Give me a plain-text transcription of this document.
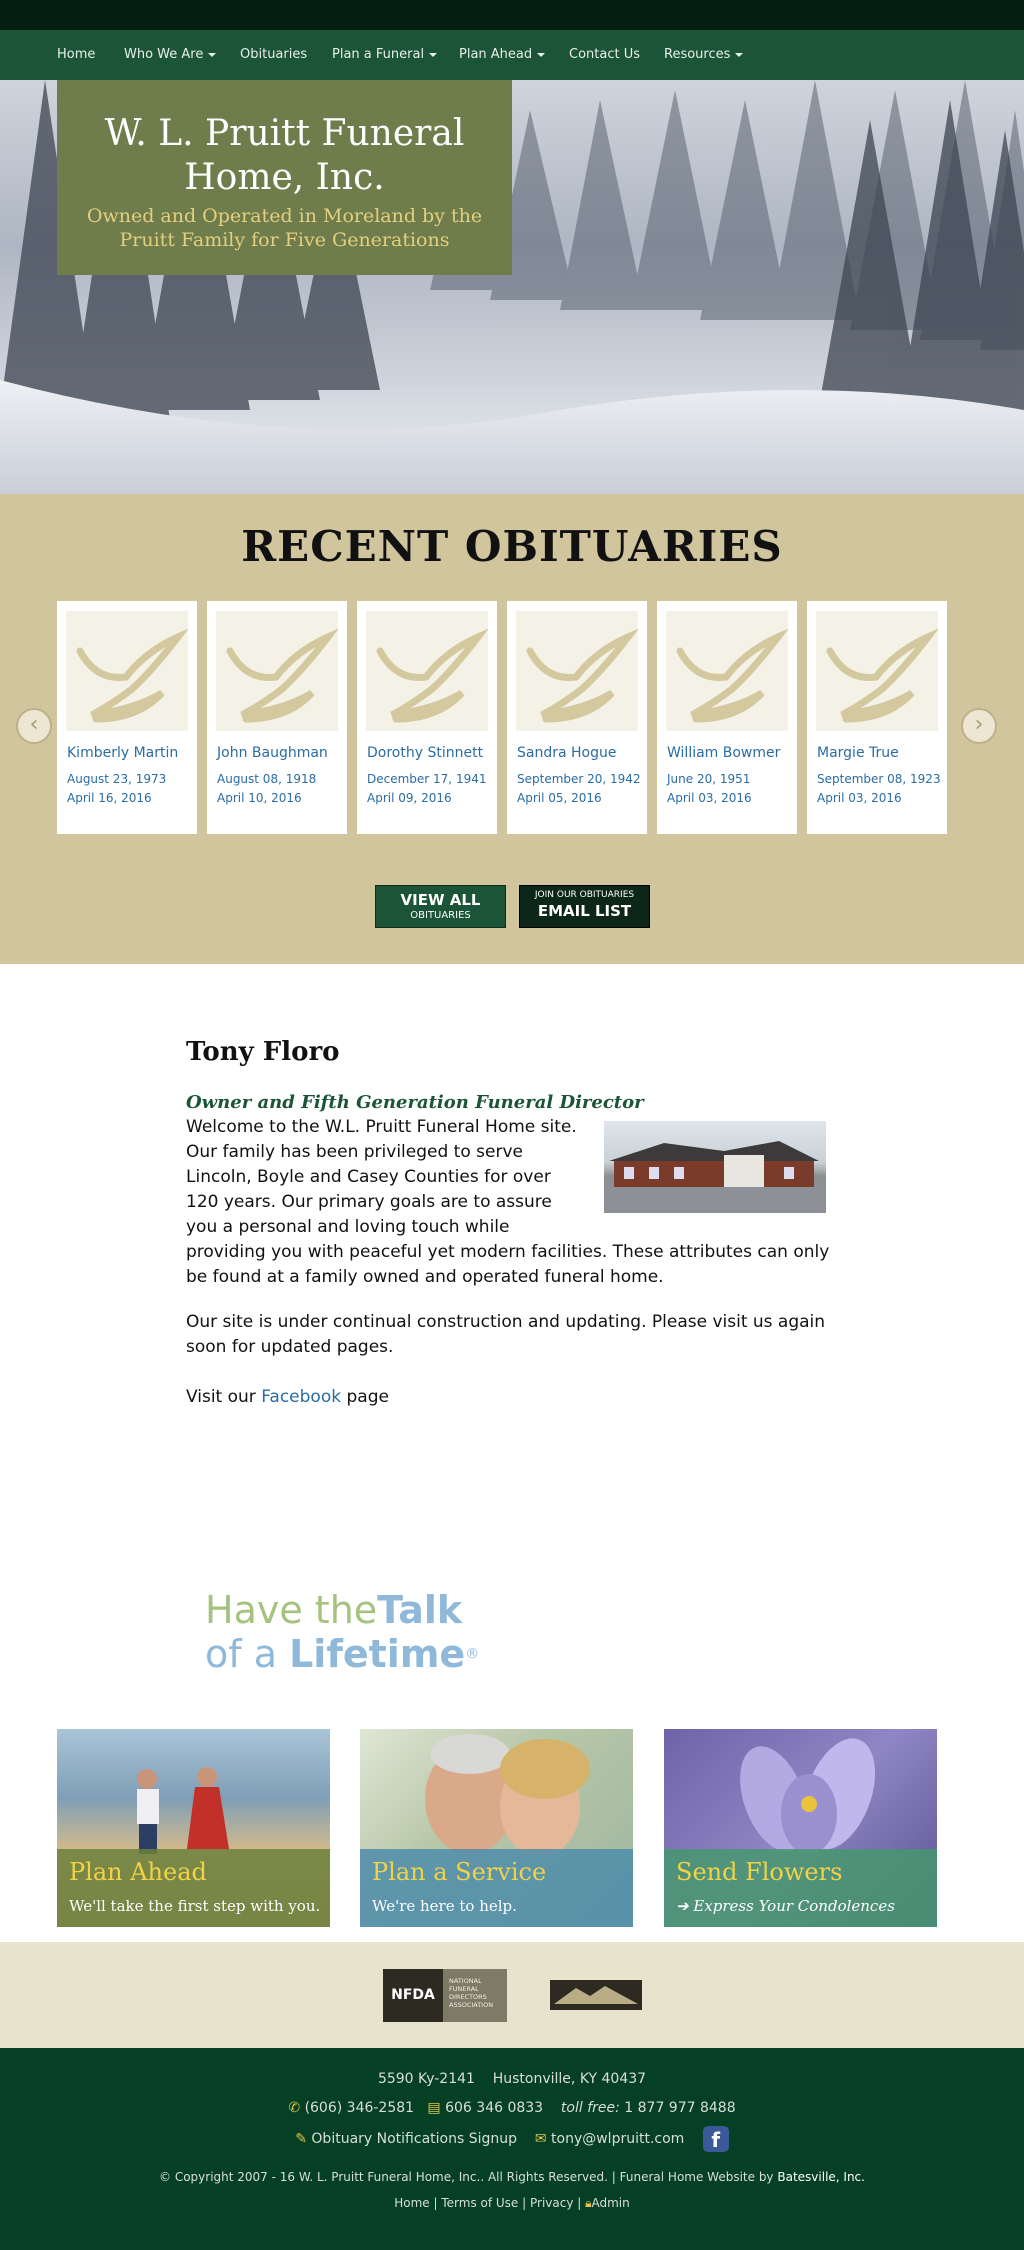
Home Who We Are	Obituaries Plan a Funeral	Plan Ahead	Contact Us Resources
W. L. Pruitt Funeral Home, Inc.
Owned and Operated in Moreland by the Pruitt Family for Five Generations
RECENT OBITUARIES
‹	›
Kimberly Martin
August 23, 1973
April 16, 2016
John Baughman
August 08, 1918
April 10, 2016
Dorothy Stinnett
December 17, 1941
April 09, 2016
Sandra Hogue
September 20, 1942
April 05, 2016
William Bowmer
June 20, 1951
April 03, 2016
Margie True
September 08, 1923
April 03, 2016
VIEW ALL
OBITUARIES
JOIN OUR OBITUARIES
EMAIL LIST
Tony Floro
Owner and Fifth Generation Funeral Director

Welcome to the W.L. Pruitt Funeral Home site. Our family has been privileged to serve Lincoln, Boyle and Casey Counties for over 120 years. Our primary goals are to assure you a personal and loving touch while providing you with peaceful yet modern facilities. These attributes can only be found at a family owned and operated funeral home.

Our site is under continual construction and updating. Please visit us again soon for updated pages.

Visit our Facebook page

Have theTalk
of a Lifetime®
Plan Ahead
We'll take the first step with you.
Plan a Service
We're here to help.
Send Flowers
➔ Express Your Condolences
NFDA
NATIONAL FUNERAL DIRECTORS ASSOCIATION
5590 Ky-2141 Hustonville, KY 40437
✆ (606) 346-2581 ▤ 606 346 0833 toll free: 1 877 977 8488
✎ Obituary Notifications Signup ✉ tony@wlpruitt.com f
© Copyright 2007 - 16 W. L. Pruitt Funeral Home, Inc.. All Rights Reserved. | Funeral Home Website by Batesville, Inc.
Home | Terms of Use | Privacy | 🔒︎Admin
